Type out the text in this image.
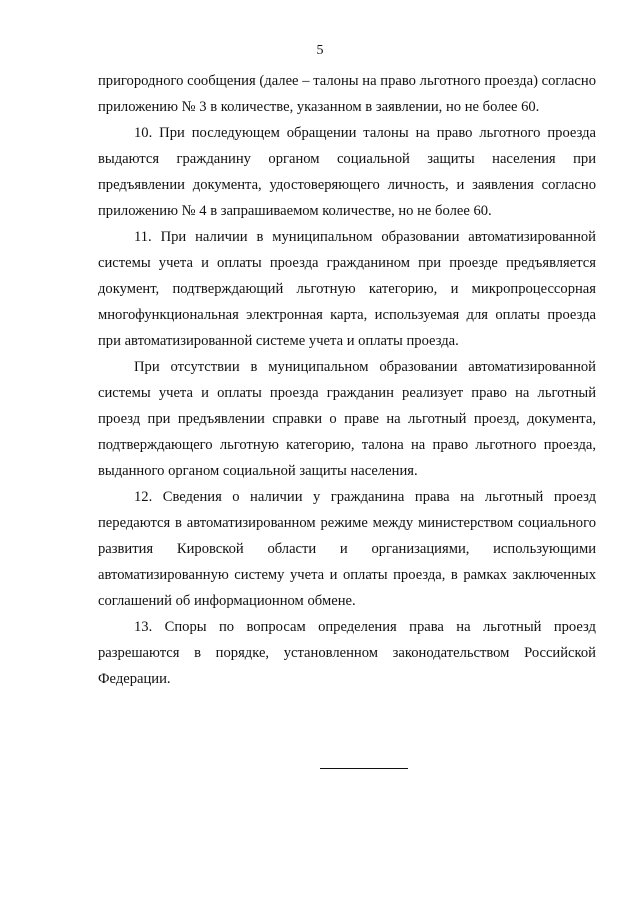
5

пригородного сообщения (далее – талоны на право льготного проезда) согласно приложению № 3 в количестве, указанном в заявлении, но не более 60.

10. При последующем обращении талоны на право льготного проезда выдаются гражданину органом социальной защиты населения при предъявлении документа, удостоверяющего личность, и заявления согласно приложению № 4 в запрашиваемом количестве, но не более 60.

11. При наличии в муниципальном образовании автоматизированной системы учета и оплаты проезда гражданином при проезде предъявляется документ, подтверждающий льготную категорию, и микропроцессорная многофункциональная электронная карта, используемая для оплаты проезда при автоматизированной системе учета и оплаты проезда.

При отсутствии в муниципальном образовании автоматизированной системы учета и оплаты проезда гражданин реализует право на льготный проезд при предъявлении справки о праве на льготный проезд, документа, подтверждающего льготную категорию, талона на право льготного проезда, выданного органом социальной защиты населения.

12. Сведения о наличии у гражданина права на льготный проезд передаются в автоматизированном режиме между министерством социального развития Кировской области и организациями, использующими автоматизированную систему учета и оплаты проезда, в рамках заключенных соглашений об информационном обмене.

13. Споры по вопросам определения права на льготный проезд разрешаются в порядке, установленном законодательством Российской Федерации.
